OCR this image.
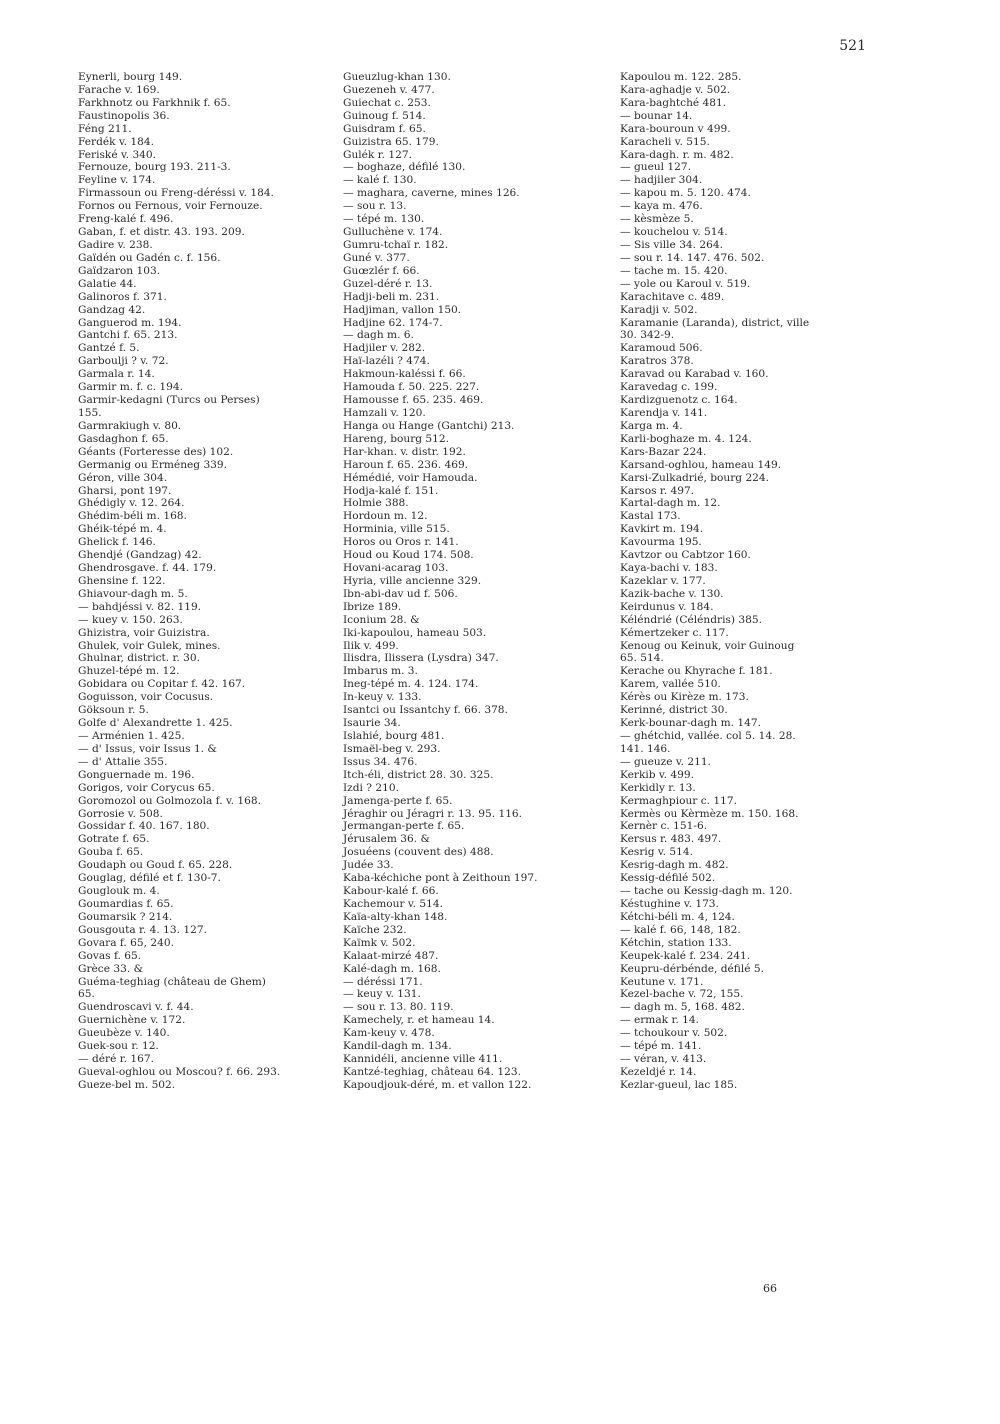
521
Eynerli, bourg 149.
Farache v. 169.
Farkhnotz ou Farkhnik f. 65.
Faustinopolis 36.
Féng 211.
Ferdék v. 184.
Feriské v. 340.
Fernouze, bourg 193. 211-3.
Feyline v. 174.
Firmassoun ou Freng-déréssi v. 184.
Fornos ou Fernous, voir Fernouze.
Freng-kalé f. 496.
Gaban, f. et distr. 43. 193. 209.
Gadire v. 238.
Gaïdén ou Gadén c. f. 156.
Gaïdzaron 103.
Galatie 44.
Galinoros f. 371.
Gandzag 42.
Ganguerod m. 194.
Gantchi f. 65. 213.
Gantzé f. 5.
Garboulji ? v. 72.
Garmala r. 14.
Garmir m. f. c. 194.
Garmir-kedagni (Turcs ou Perses)
155.
Garmrakiugh v. 80.
Gasdaghon f. 65.
Géants (Forteresse des) 102.
Germanig ou Erméneg 339.
Géron, ville 304.
Gharsi, pont 197.
Ghédigly v. 12. 264.
Ghédim-béli m. 168.
Ghéik-tépé m. 4.
Ghelick f. 146.
Ghendjé (Gandzag) 42.
Ghendrosgave. f. 44. 179.
Ghensine f. 122.
Ghiavour-dagh m. 5.
— bahdjéssi v. 82. 119.
— kuey v. 150. 263.
Ghizistra, voir Guizistra.
Ghulek, voir Gulek, mines.
Ghulnar, district. r. 30.
Ghuzel-tépé m. 12.
Gobidara ou Copitar f. 42. 167.
Goguisson, voir Cocusus.
Göksoun r. 5.
Golfe d' Alexandrette 1. 425.
— Arménien 1. 425.
— d' Issus, voir Issus 1. &
— d' Attalie 355.
Gonguernade m. 196.
Gorigos, voir Corycus 65.
Goromozol ou Golmozola f. v. 168.
Gorrosie v. 508.
Gossidar f. 40. 167. 180.
Gotrate f. 65.
Gouba f. 65.
Goudaph ou Goud f. 65. 228.
Gouglag, défilé et f. 130-7.
Gouglouk m. 4.
Goumardias f. 65.
Goumarsik ? 214.
Gousgouta r. 4. 13. 127.
Govara f. 65, 240.
Govas f. 65.
Grèce 33. &
Guéma-teghiag (château de Ghem)
65.
Guendroscavi v. f. 44.
Guernichène v. 172.
Gueubèze v. 140.
Guek-sou r. 12.
— déré r. 167.
Gueval-oghlou ou Moscou? f. 66. 293.
Gueze-bel m. 502.
Gueuzlug-khan 130.
Guezeneh v. 477.
Guiechat c. 253.
Guinoug f. 514.
Guisdram f. 65.
Guizistra 65. 179.
Gulék r. 127.
— boghaze, défilé 130.
— kalé f. 130.
— maghara, caverne, mines 126.
— sou r. 13.
— tépé m. 130.
Gulluchène v. 174.
Gumru-tchaï r. 182.
Guné v. 377.
Guœzlér f. 66.
Guzel-déré r. 13.
Hadji-beli m. 231.
Hadjiman, vallon 150.
Hadjine 62. 174-7.
— dagh m. 6.
Hadjiler v. 282.
Haï-lazéli ? 474.
Hakmoun-kaléssi f. 66.
Hamouda f. 50. 225. 227.
Hamousse f. 65. 235. 469.
Hamzali v. 120.
Hanga ou Hange (Gantchi) 213.
Hareng, bourg 512.
Har-khan. v. distr. 192.
Haroun f. 65. 236. 469.
Hémédié, voir Hamouda.
Hodja-kalé f. 151.
Holmie 388.
Hordoun m. 12.
Horminia, ville 515.
Horos ou Oros r. 141.
Houd ou Koud 174. 508.
Hovani-acarag 103.
Hyria, ville ancienne 329.
Ibn-abi-dav ud f. 506.
Ibrize 189.
Iconium 28. &
Iki-kapoulou, hameau 503.
Ilik v. 499.
Ilisdra, Ilissera (Lysdra) 347.
Imbarus m. 3.
Ineg-tépé m. 4. 124. 174.
In-keuy v. 133.
Isantci ou Issantchy f. 66. 378.
Isaurie 34.
Islahié, bourg 481.
Ismaël-beg v. 293.
Issus 34. 476.
Itch-éli, district 28. 30. 325.
Izdi ? 210.
Jamenga-perte f. 65.
Jéraghir ou Jéragri r. 13. 95. 116.
Jermangan-perte f. 65.
Jérusalem 36. &
Josuéens (couvent des) 488.
Judée 33.
Kaba-kéchiche pont à Zeithoun 197.
Kabour-kalé f. 66.
Kachemour v. 514.
Kaïa-alty-khan 148.
Kaïche 232.
Kaïmk v. 502.
Kalaat-mirzé 487.
Kalé-dagh m. 168.
— déréssi 171.
— keuy v. 131.
— sou r. 13. 80. 119.
Kamechely, r. et hameau 14.
Kam-keuy v. 478.
Kandil-dagh m. 134.
Kannidéli, ancienne ville 411.
Kantzé-teghiag, château 64. 123.
Kapoudjouk-déré, m. et vallon 122.
Kapoulou m. 122. 285.
Kara-aghadje v. 502.
Kara-baghtché 481.
— bounar 14.
Kara-bouroun v 499.
Karacheli v. 515.
Kara-dagh. r. m. 482.
— gueul 127.
— hadjiler 304.
— kapou m. 5. 120. 474.
— kaya m. 476.
— kèsmèze 5.
— kouchelou v. 514.
— Sis ville 34. 264.
— sou r. 14. 147. 476. 502.
— tache m. 15. 420.
— yole ou Karoul v. 519.
Karachitave c. 489.
Karadji v. 502.
Karamanie (Laranda), district, ville
30. 342-9.
Karamoud 506.
Karatros 378.
Karavad ou Karabad v. 160.
Karavedag c. 199.
Kardizguenotz c. 164.
Karendja v. 141.
Karga m. 4.
Karli-boghaze m. 4. 124.
Kars-Bazar 224.
Karsand-oghlou, hameau 149.
Karsi-Zulkadrié, bourg 224.
Karsos r. 497.
Kartal-dagh m. 12.
Kastal 173.
Kavkirt m. 194.
Kavourma 195.
Kavtzor ou Cabtzor 160.
Kaya-bachi v. 183.
Kazeklar v. 177.
Kazik-bache v. 130.
Keirdunus v. 184.
Kéléndrié (Céléndris) 385.
Kémertzeker c. 117.
Kenoug ou Keinuk, voir Guinoug
65. 514.
Kerache ou Khyrache f. 181.
Karem, vallée 510.
Kérès ou Kirèze m. 173.
Kerinné, district 30.
Kerk-bounar-dagh m. 147.
— ghétchid, vallée. col 5. 14. 28.
141. 146.
— gueuze v. 211.
Kerkib v. 499.
Kerkidly r. 13.
Kermaghpiour c. 117.
Kermès ou Kèrmèze m. 150. 168.
Kernèr c. 151-6.
Kersus r. 483. 497.
Kesrig v. 514.
Kesrig-dagh m. 482.
Kessig-défilé 502.
— tache ou Kessig-dagh m. 120.
Késtughine v. 173.
Kétchi-béli m. 4, 124.
— kalé f. 66, 148, 182.
Kétchin, station 133.
Keupek-kalé f. 234. 241.
Keupru-dérbénde, défilé 5.
Keutune v. 171.
Kezel-bache v. 72, 155.
— dagh m. 5, 168. 482.
— ermak r. 14.
— tchoukour v. 502.
— tépé m. 141.
— véran, v. 413.
Kezeldjé r. 14.
Kezlar-gueul, lac 185.
66
